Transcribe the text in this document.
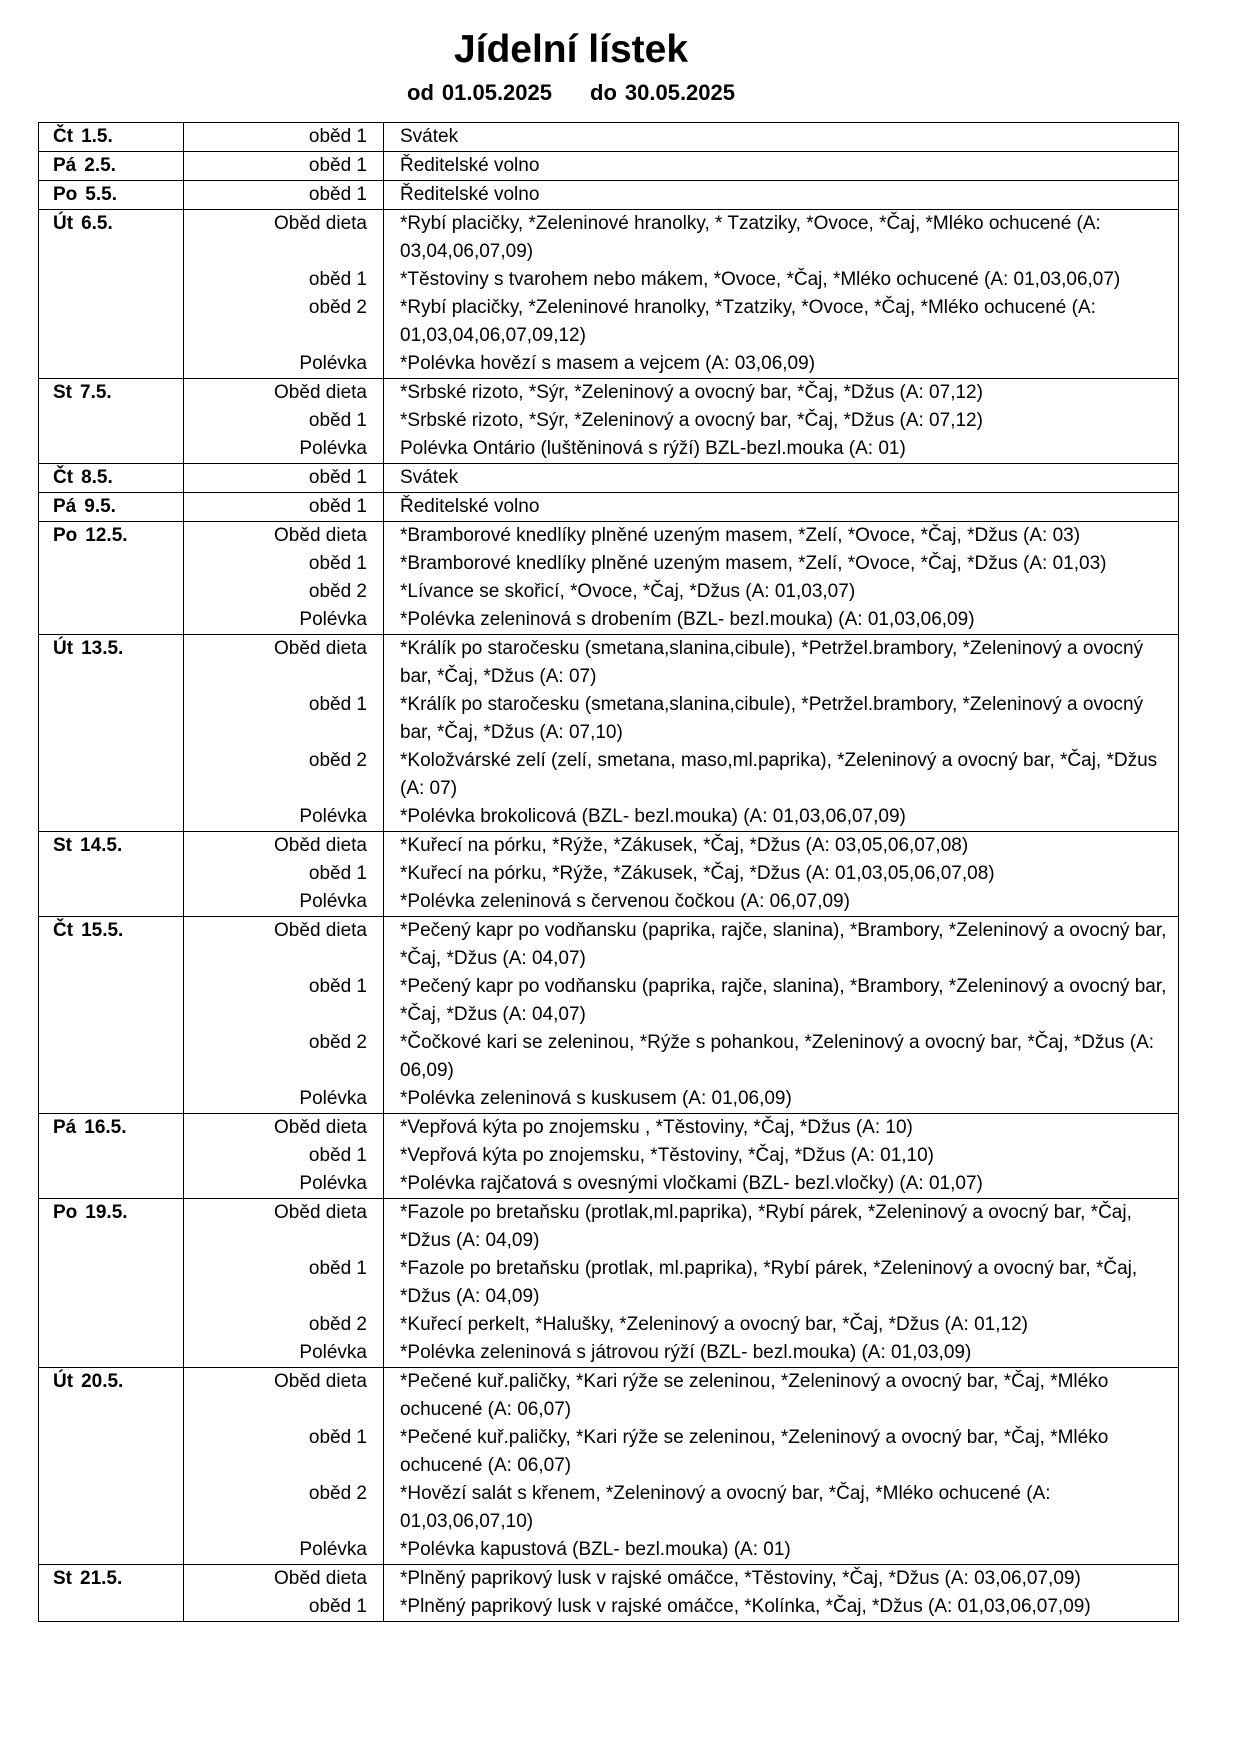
Jídelní lístek
od 01.05.2025 do 30.05.2025
Čt 1.5.	oběd 1	Svátek
Pá 2.5.	oběd 1	Ředitelské volno
Po 5.5.	oběd 1	Ředitelské volno
Út 6.5.	Oběd dieta	*Rybí placičky, *Zeleninové hranolky, * Tzatziky, *Ovoce, *Čaj, *Mléko ochucené (A: 03,04,06,07,09)
	oběd 1	*Těstoviny s tvarohem nebo mákem, *Ovoce, *Čaj, *Mléko ochucené (A: 01,03,06,07)
	oběd 2	*Rybí placičky, *Zeleninové hranolky, *Tzatziky, *Ovoce, *Čaj, *Mléko ochucené (A: 01,03,04,06,07,09,12)
	Polévka	*Polévka hovězí s masem a vejcem (A: 03,06,09)
St 7.5.	Oběd dieta	*Srbské rizoto, *Sýr, *Zeleninový a ovocný bar, *Čaj, *Džus (A: 07,12)
	oběd 1	*Srbské rizoto, *Sýr, *Zeleninový a ovocný bar, *Čaj, *Džus (A: 07,12)
	Polévka	Polévka Ontário (luštěninová s rýží) BZL-bezl.mouka (A: 01)
Čt 8.5.	oběd 1	Svátek
Pá 9.5.	oběd 1	Ředitelské volno
Po 12.5.	Oběd dieta	*Bramborové knedlíky plněné uzeným masem, *Zelí, *Ovoce, *Čaj, *Džus (A: 03)
	oběd 1	*Bramborové knedlíky plněné uzeným masem, *Zelí, *Ovoce, *Čaj, *Džus (A: 01,03)
	oběd 2	*Lívance se skořicí, *Ovoce, *Čaj, *Džus (A: 01,03,07)
	Polévka	*Polévka zeleninová s drobením (BZL- bezl.mouka) (A: 01,03,06,09)
Út 13.5.	Oběd dieta	*Králík po staročesku (smetana,slanina,cibule), *Petržel.brambory, *Zeleninový a ovocný bar, *Čaj, *Džus (A: 07)
	oběd 1	*Králík po staročesku (smetana,slanina,cibule), *Petržel.brambory, *Zeleninový a ovocný bar, *Čaj, *Džus (A: 07,10)
	oběd 2	*Koložvárské zelí (zelí, smetana, maso,ml.paprika), *Zeleninový a ovocný bar, *Čaj, *Džus (A: 07)
	Polévka	*Polévka brokolicová (BZL- bezl.mouka) (A: 01,03,06,07,09)
St 14.5.	Oběd dieta	*Kuřecí na pórku, *Rýže, *Zákusek, *Čaj, *Džus (A: 03,05,06,07,08)
	oběd 1	*Kuřecí na pórku, *Rýže, *Zákusek, *Čaj, *Džus (A: 01,03,05,06,07,08)
	Polévka	*Polévka zeleninová s červenou čočkou (A: 06,07,09)
Čt 15.5.	Oběd dieta	*Pečený kapr po vodňansku (paprika, rajče, slanina), *Brambory, *Zeleninový a ovocný bar, *Čaj, *Džus (A: 04,07)
	oběd 1	*Pečený kapr po vodňansku (paprika, rajče, slanina), *Brambory, *Zeleninový a ovocný bar, *Čaj, *Džus (A: 04,07)
	oběd 2	*Čočkové kari se zeleninou, *Rýže s pohankou, *Zeleninový a ovocný bar, *Čaj, *Džus (A: 06,09)
	Polévka	*Polévka zeleninová s kuskusem (A: 01,06,09)
Pá 16.5.	Oběd dieta	*Vepřová kýta po znojemsku , *Těstoviny, *Čaj, *Džus (A: 10)
	oběd 1	*Vepřová kýta po znojemsku, *Těstoviny, *Čaj, *Džus (A: 01,10)
	Polévka	*Polévka rajčatová s ovesnými vločkami (BZL- bezl.vločky) (A: 01,07)
Po 19.5.	Oběd dieta	*Fazole po bretaňsku (protlak,ml.paprika), *Rybí párek, *Zeleninový a ovocný bar, *Čaj, *Džus (A: 04,09)
	oběd 1	*Fazole po bretaňsku (protlak, ml.paprika), *Rybí párek, *Zeleninový a ovocný bar, *Čaj, *Džus (A: 04,09)
	oběd 2	*Kuřecí perkelt, *Halušky, *Zeleninový a ovocný bar, *Čaj, *Džus (A: 01,12)
	Polévka	*Polévka zeleninová s játrovou rýží (BZL- bezl.mouka) (A: 01,03,09)
Út 20.5.	Oběd dieta	*Pečené kuř.paličky, *Kari rýže se zeleninou, *Zeleninový a ovocný bar, *Čaj, *Mléko ochucené (A: 06,07)
	oběd 1	*Pečené kuř.paličky, *Kari rýže se zeleninou, *Zeleninový a ovocný bar, *Čaj, *Mléko ochucené (A: 06,07)
	oběd 2	*Hovězí salát s křenem, *Zeleninový a ovocný bar, *Čaj, *Mléko ochucené (A: 01,03,06,07,10)
	Polévka	*Polévka kapustová (BZL- bezl.mouka) (A: 01)
St 21.5.	Oběd dieta	*Plněný paprikový lusk v rajské omáčce, *Těstoviny, *Čaj, *Džus (A: 03,06,07,09)
	oběd 1	*Plněný paprikový lusk v rajské omáčce, *Kolínka, *Čaj, *Džus (A: 01,03,06,07,09)
